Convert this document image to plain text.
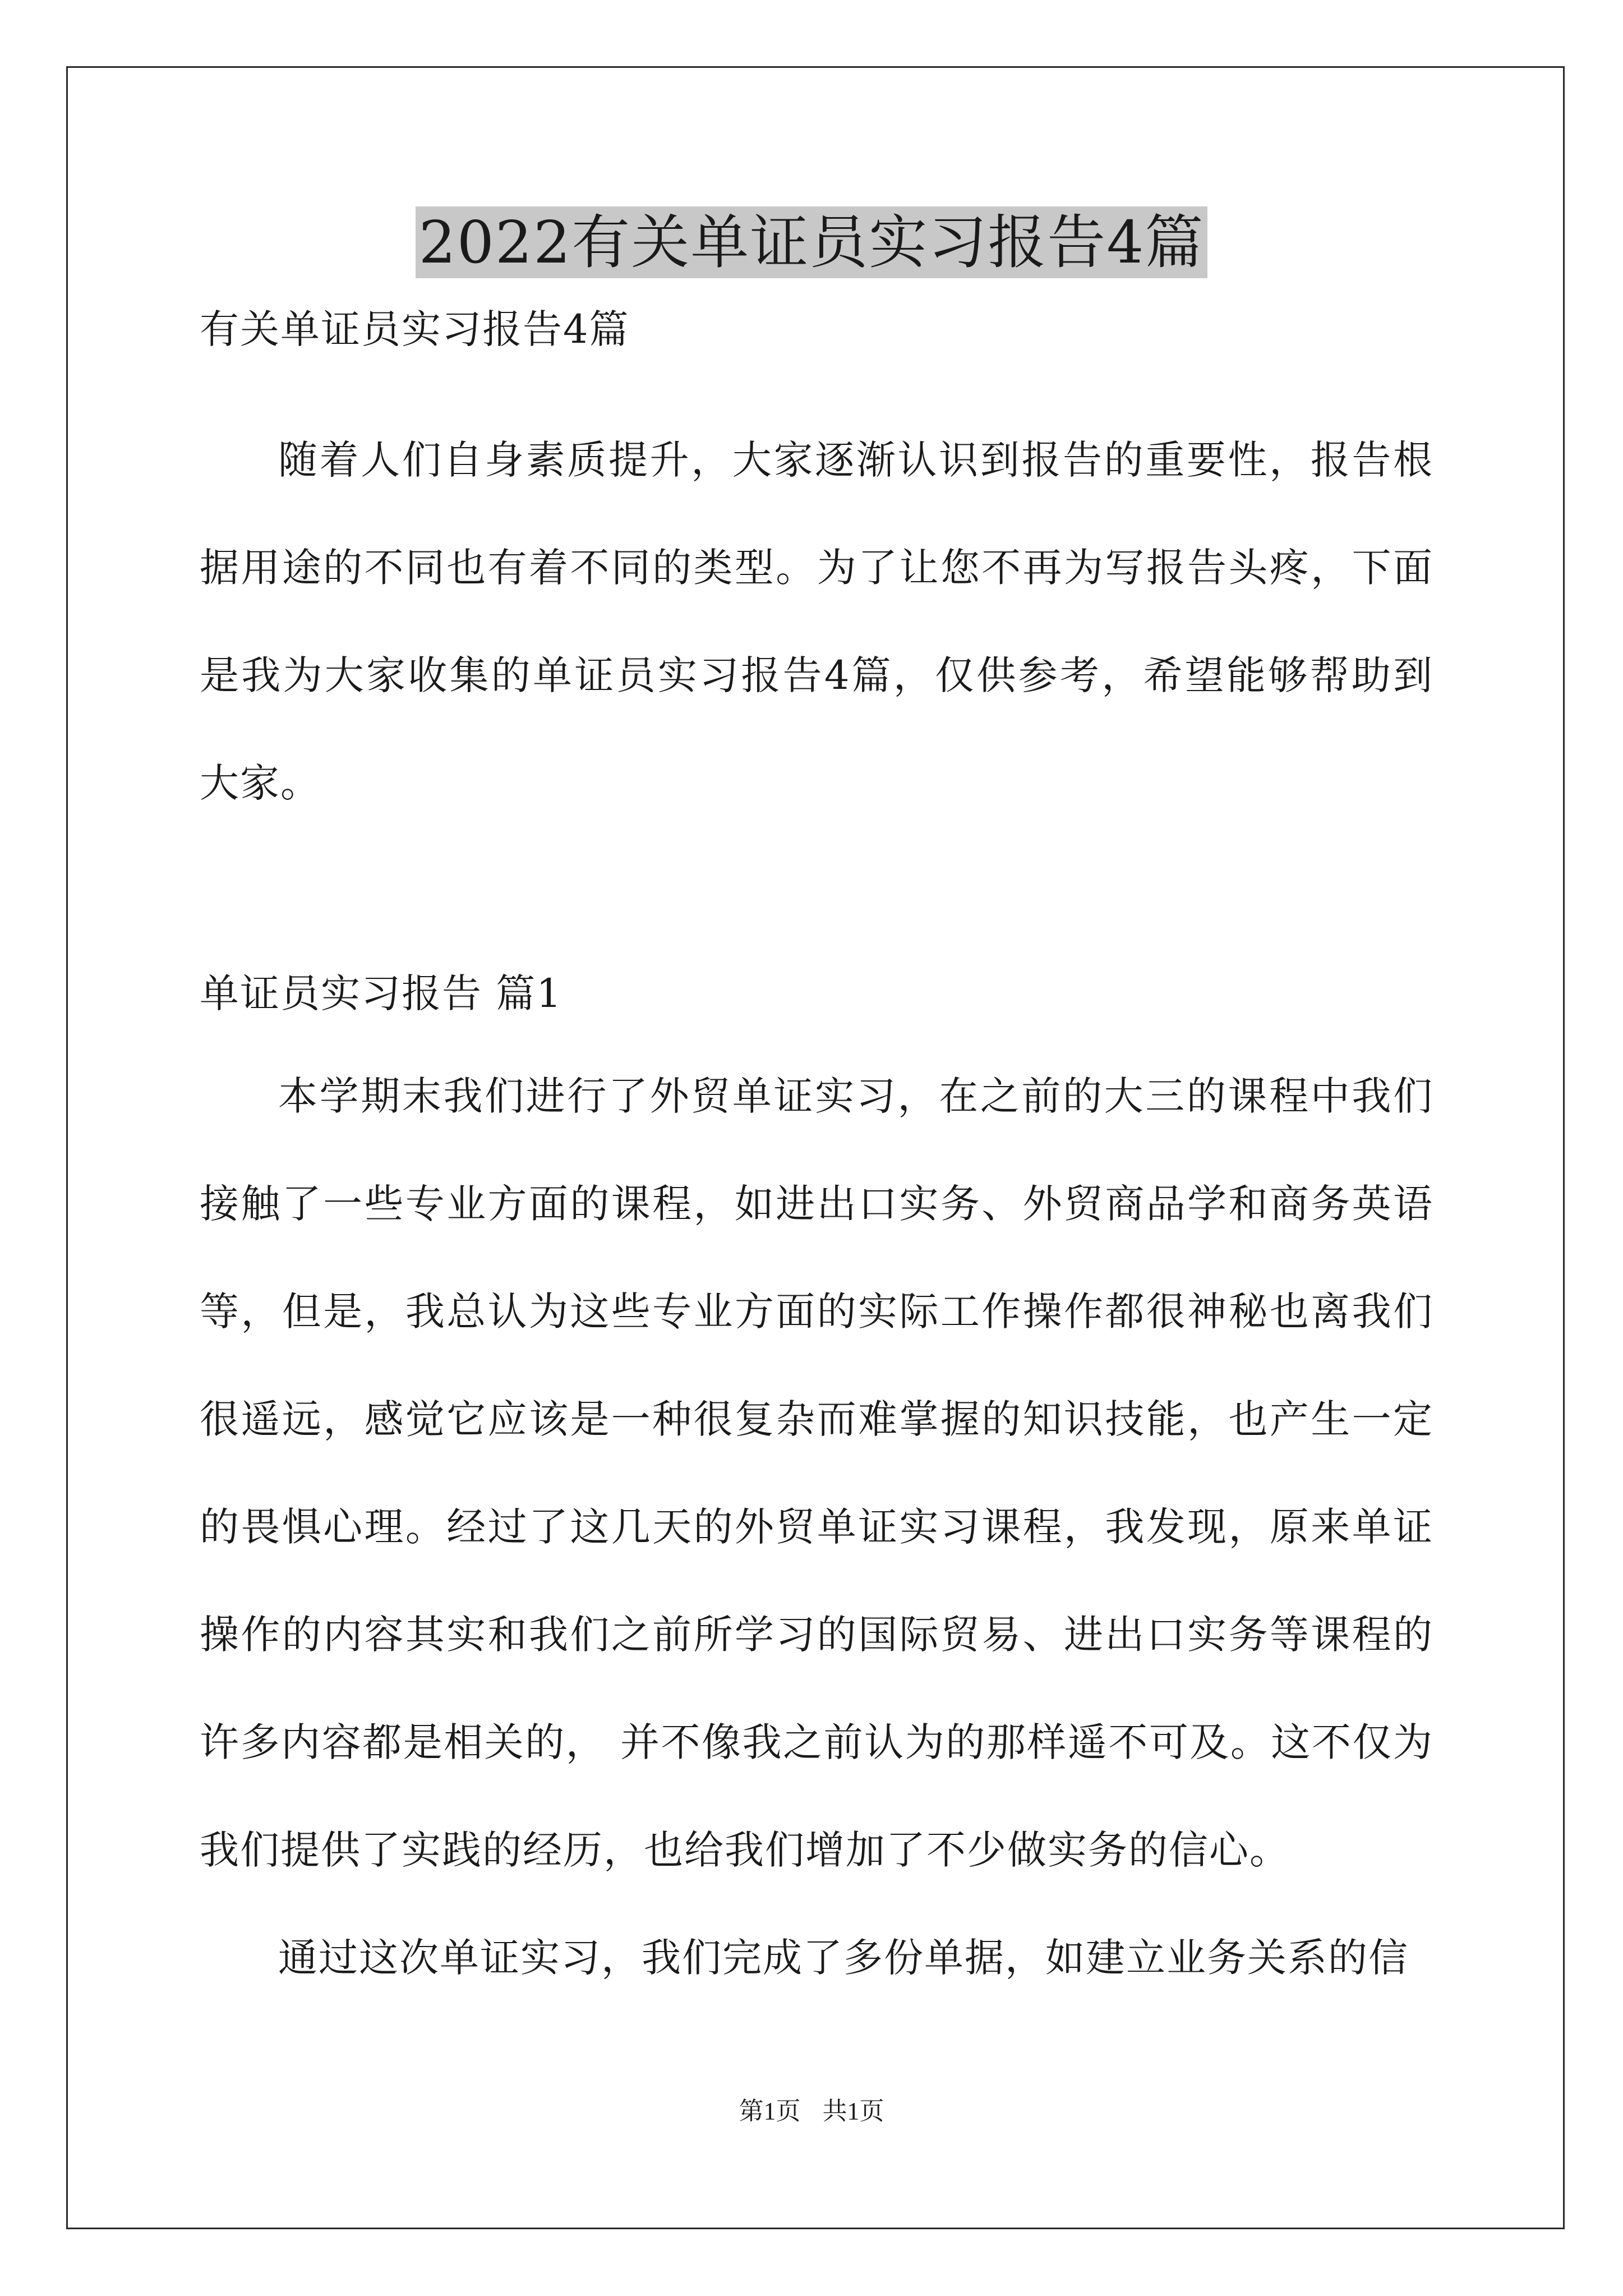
2022有关单证员实习报告4篇

有关单证员实习报告4篇

随着人们自身素质提升，大家逐渐认识到报告的重要性，报告根据用途的不同也有着不同的类型。为了让您不再为写报告头疼，下面是我为大家收集的单证员实习报告4篇，仅供参考，希望能够帮助到大家。

单证员实习报告 篇1

本学期末我们进行了外贸单证实习，在之前的大三的课程中我们接触了一些专业方面的课程，如进出口实务、外贸商品学和商务英语等，但是，我总认为这些专业方面的实际工作操作都很神秘也离我们很遥远，感觉它应该是一种很复杂而难掌握的知识技能，也产生一定的畏惧心理。经过了这几天的外贸单证实习课程，我发现，原来单证操作的内容其实和我们之前所学习的国际贸易、进出口实务等课程的许多内容都是相关的， 并不像我之前认为的那样遥不可及。这不仅为我们提供了实践的经历，也给我们增加了不少做实务的信心。

通过这次单证实习，我们完成了多份单据，如建立业务关系的信

第1页 共1页
